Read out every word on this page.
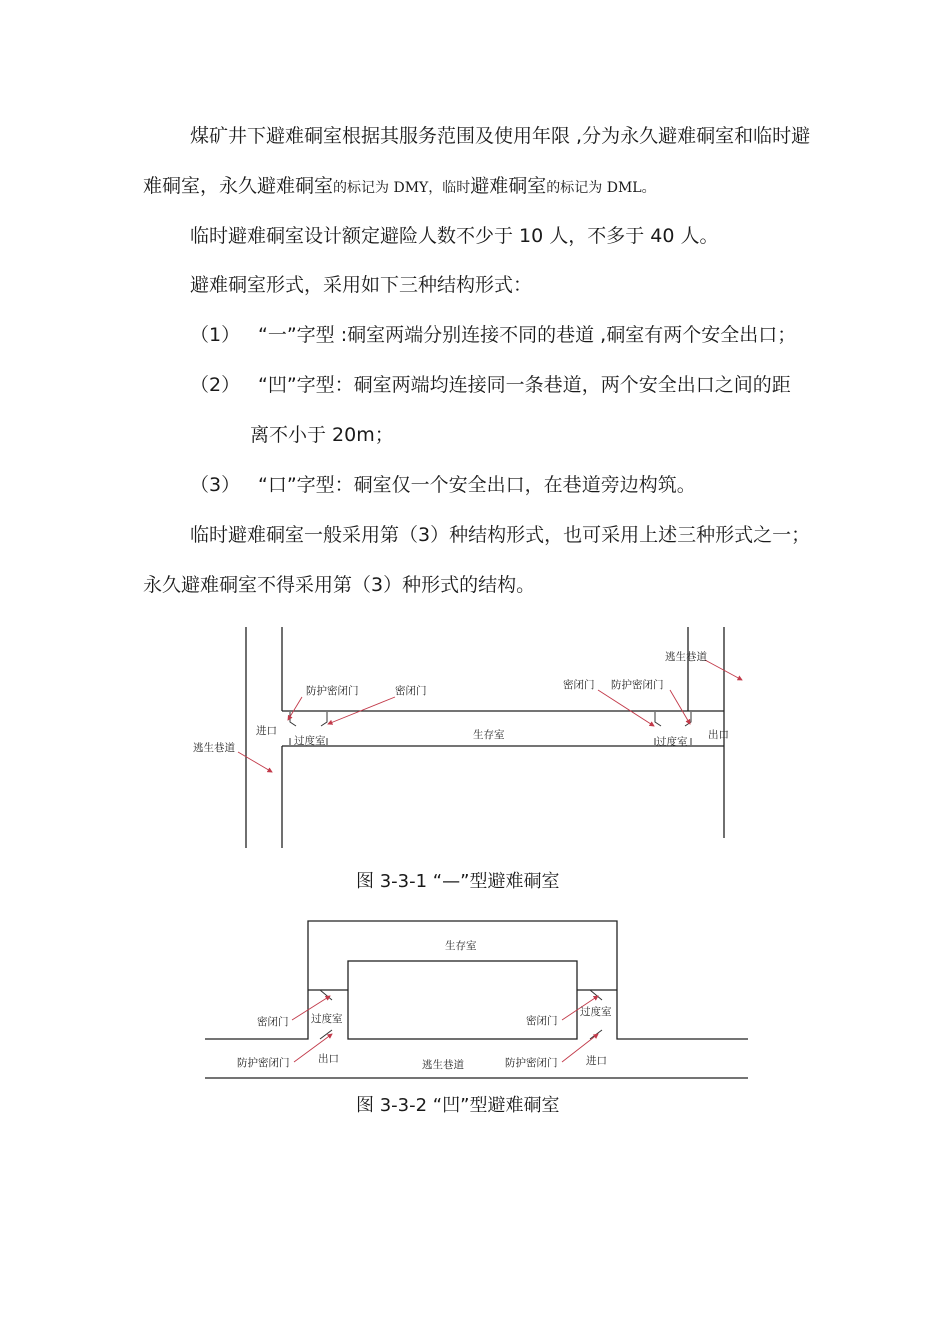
煤矿井下避难硐室根据其服务范围及使用年限 ,分为永久避难硐室和临时避
难硐室，永久避难硐室的标记为 DMY，临时避难硐室的标记为 DML。
临时避难硐室设计额定避险人数不少于 10 人，不多于 40 人。
避难硐室形式，采用如下三种结构形式：
（1） “一”字型 :硐室两端分别连接不同的巷道 ,硐室有两个安全出口；
（2） “凹”字型：硐室两端均连接同一条巷道，两个安全出口之间的距
离不小于 20m；
（3） “口”字型：硐室仅一个安全出口，在巷道旁边构筑。
临时避难硐室一般采用第（3）种结构形式，也可采用上述三种形式之一；
永久避难硐室不得采用第（3）种形式的结构。
逃生巷道
防护密闭门	密闭门	密闭门 防护密闭门
进口
过度室	生存室
过度室
出口
逃生巷道
图 3-3-1 “—”型避难硐室
生存室
密闭门 过度室
防护密闭门	出口	逃生巷道
密闭门
过度室
防护密闭门	进口
图 3-3-2 “凹”型避难硐室
